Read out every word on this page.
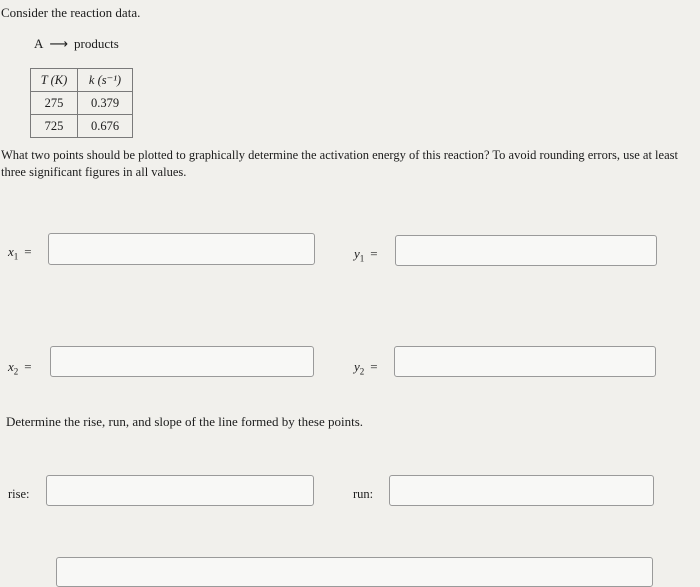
Consider the reaction data.
A ⟶ products
T (K)	k (s⁻¹)
275	0.379
725	0.676
What two points should be plotted to graphically determine the activation energy of this reaction? To avoid rounding errors, use at least three significant figures in all values.
$x_1$ =	$y_1$ =
$x_2$ =	$y_2$ =
Determine the rise, run, and slope of the line formed by these points.
rise:	run:
